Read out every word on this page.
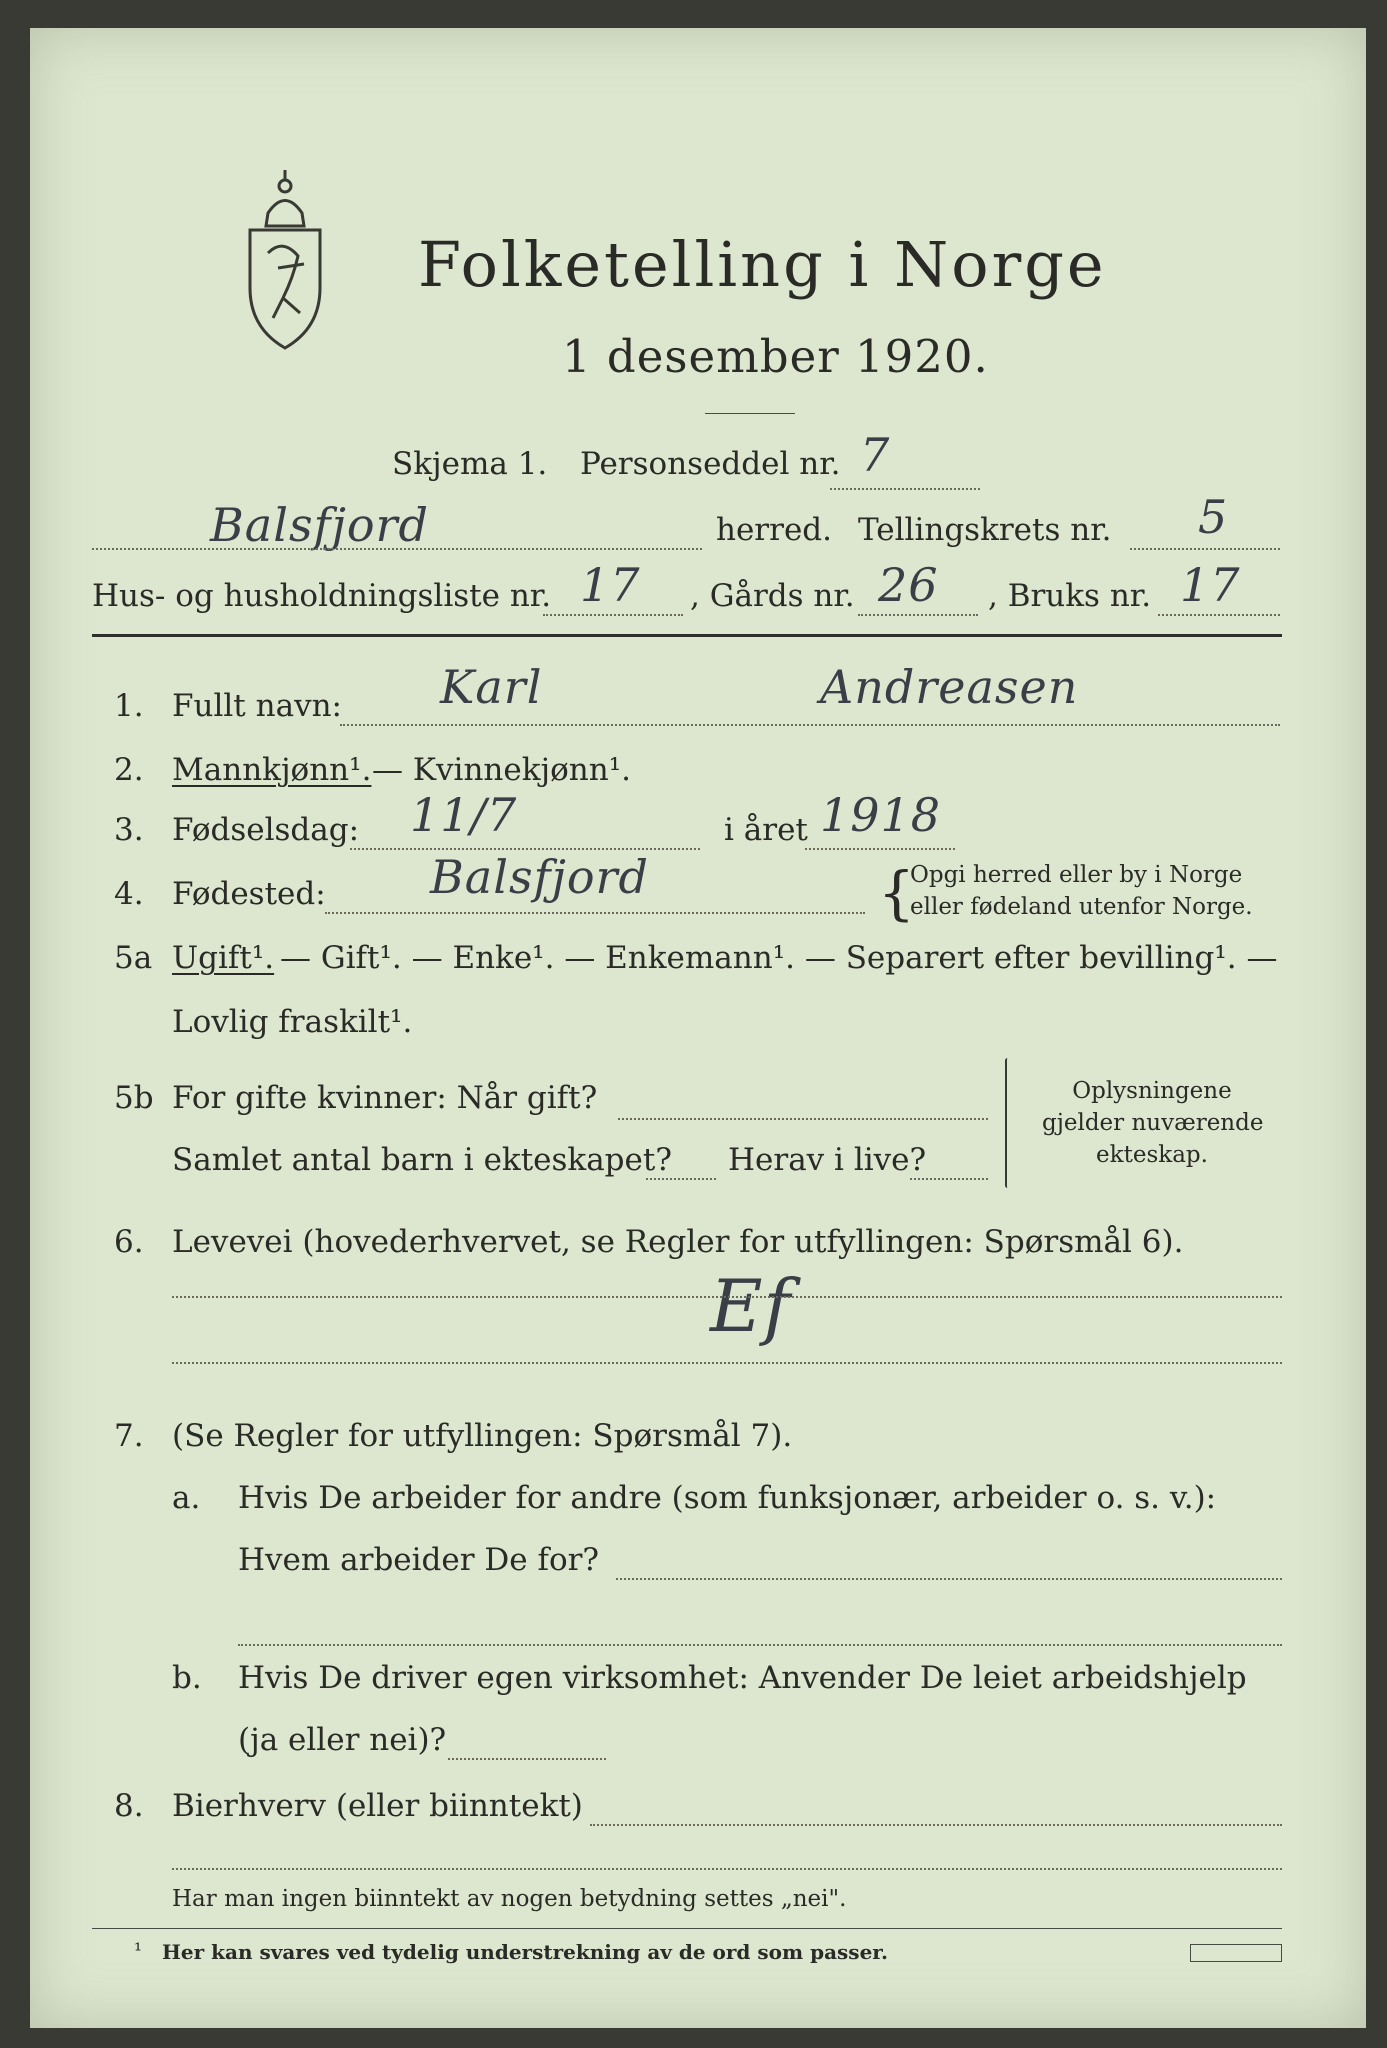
Folketelling i Norge
1 desember 1920.
Skjema 1. Personseddel nr. 7
Balsfjord	herred. Tellingskrets nr. 5
Hus- og husholdningsliste nr. 17 , Gårds nr. 26 , Bruks nr. 17
1. Fullt navn: Karl	Andreasen
2. Mannkjønn¹. — Kvinnekjønn¹.
3. Fødselsdag: 11/7	i året 1918
4. Fødested: Balsfjord	{
Opgi herred eller by i Norge
eller fødeland utenfor Norge.
5a Ugift¹. — Gift¹. — Enke¹. — Enkemann¹. — Separert efter bevilling¹. —
Lovlig fraskilt¹.
5b For gifte kvinner: Når gift?
Samlet antal barn i ekteskapet? Herav i live?
Oplysningene
gjelder nuværende
ekteskap.
6. Levevei (hovederhvervet, se Regler for utfyllingen: Spørsmål 6).
Ef
7. (Se Regler for utfyllingen: Spørsmål 7).
a. Hvis De arbeider for andre (som funksjonær, arbeider o. s. v.):
Hvem arbeider De for?
b. Hvis De driver egen virksomhet: Anvender De leiet arbeidshjelp
(ja eller nei)?
8. Bierhverv (eller biinntekt)
Har man ingen biinntekt av nogen betydning settes „nei".
¹ Her kan svares ved tydelig understrekning av de ord som passer.
